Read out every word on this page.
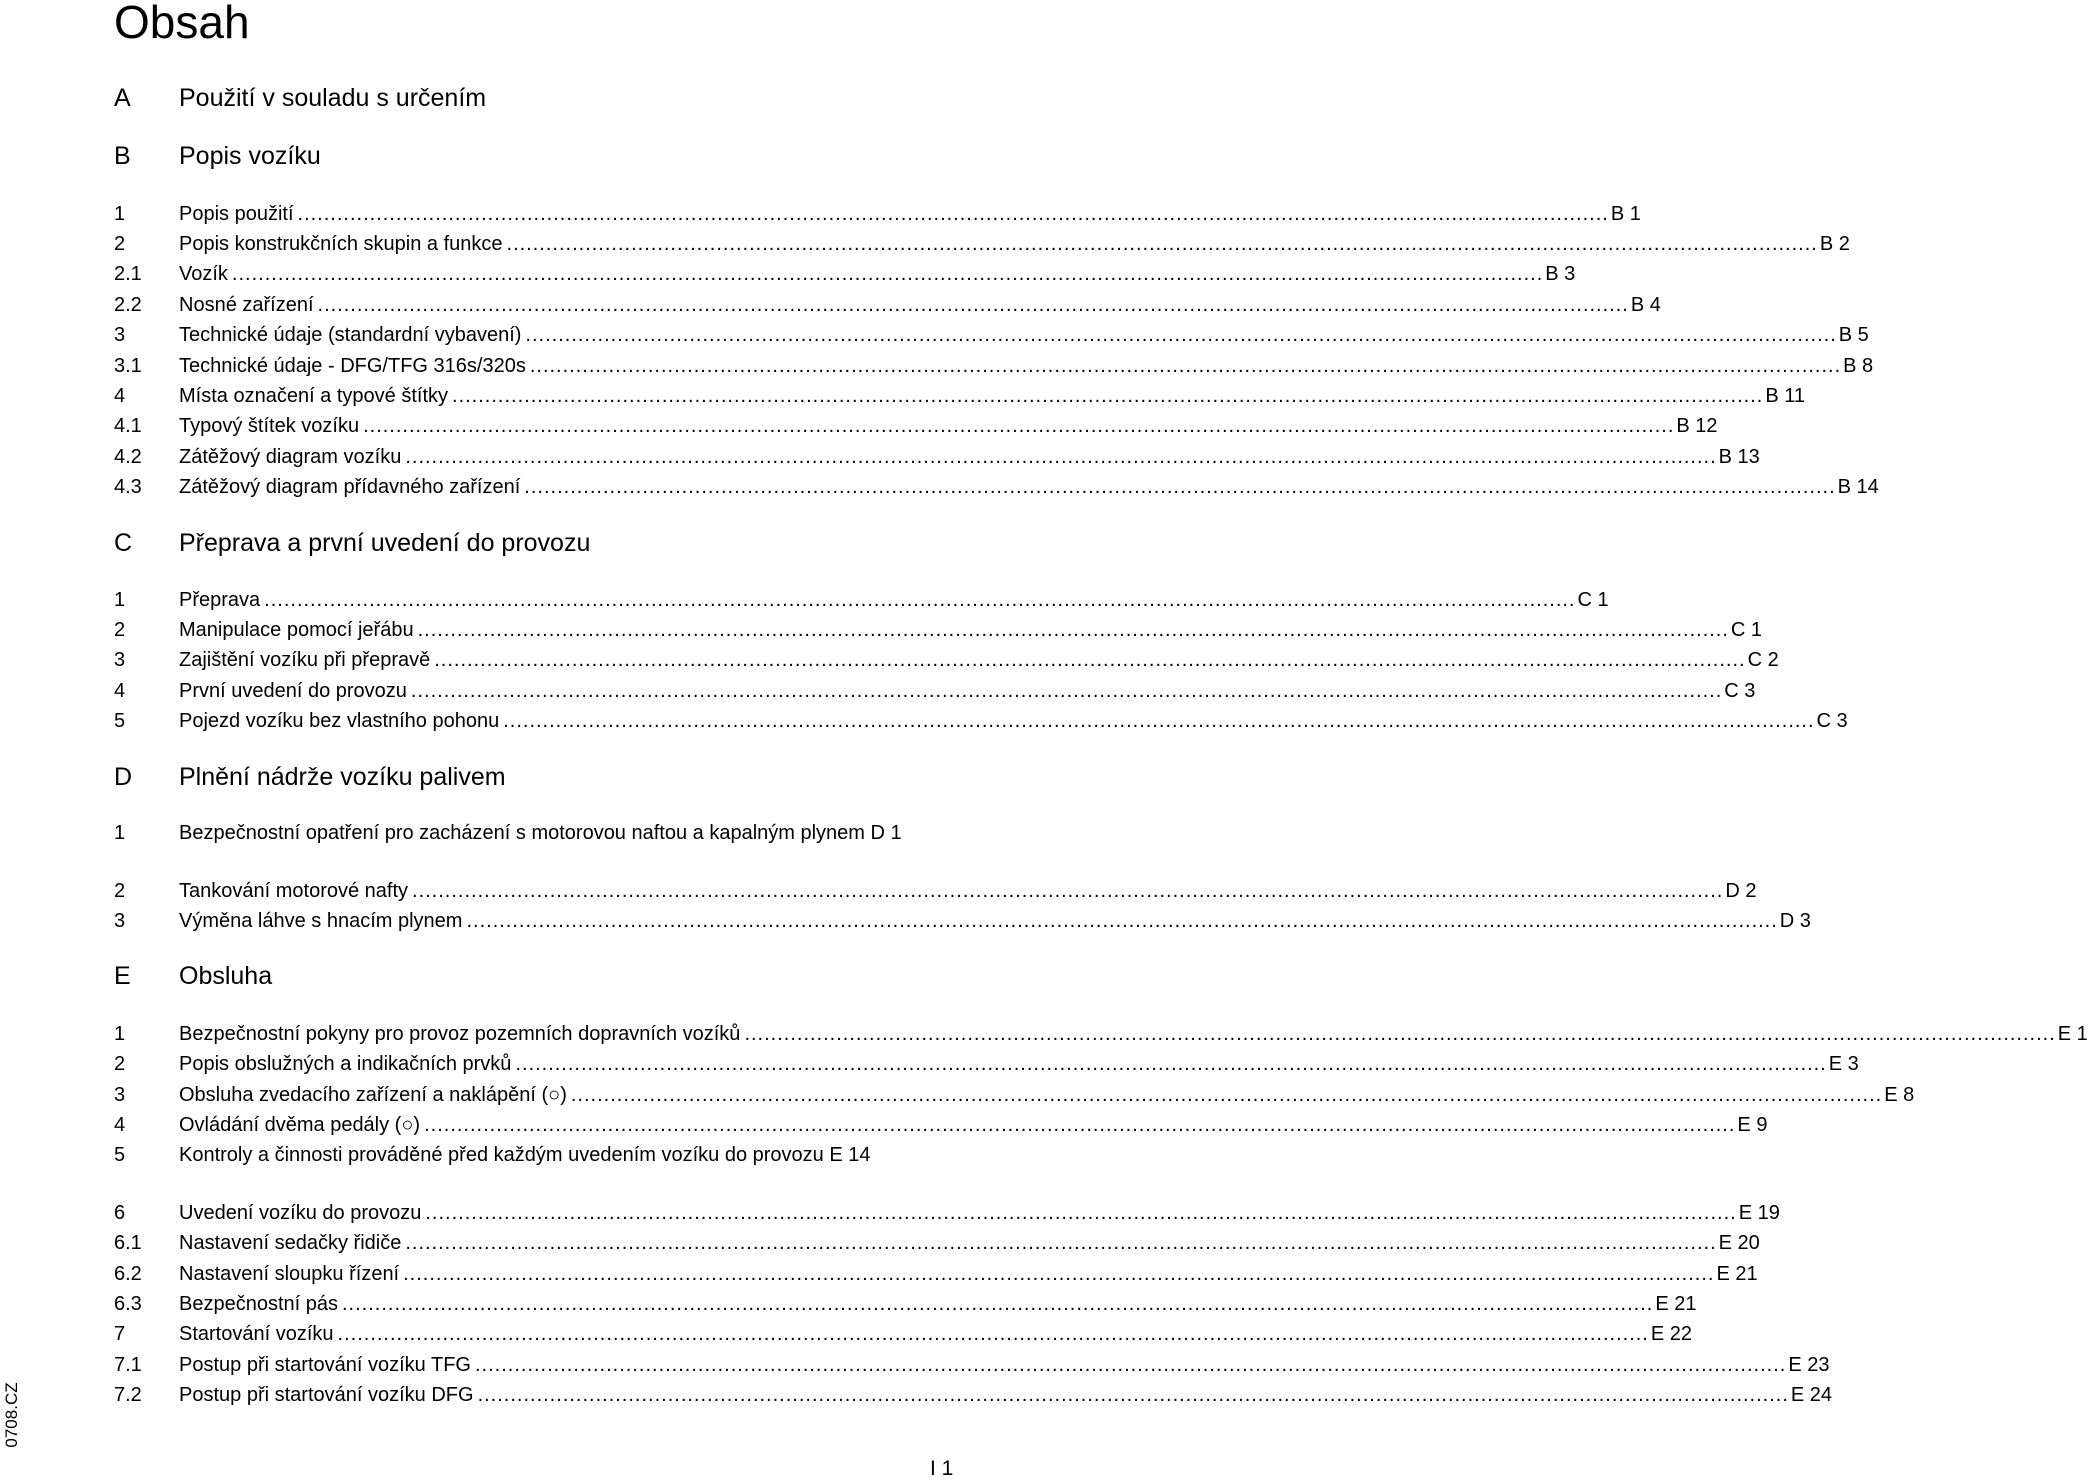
Obsah
A Použití v souladu s určením
B Popis vozíku
1	Popis použití ........................................................................................................................................................................................................ B 1
2	Popis konstrukčních skupin a funkce ........................................................................................................................................................................................................ B 2
2.1 Vozík ........................................................................................................................................................................................................ B 3
2.2 Nosné zařízení ........................................................................................................................................................................................................ B 4
3	Technické údaje (standardní vybavení) ........................................................................................................................................................................................................ B 5
3.1 Technické údaje - DFG/TFG 316s/320s ........................................................................................................................................................................................................ B 8
4	Místa označení a typové štítky ........................................................................................................................................................................................................ B 11
4.1 Typový štítek vozíku ........................................................................................................................................................................................................ B 12
4.2 Zátěžový diagram vozíku ........................................................................................................................................................................................................ B 13
4.3 Zátěžový diagram přídavného zařízení ........................................................................................................................................................................................................ B 14
C Přeprava a první uvedení do provozu
1	Přeprava ........................................................................................................................................................................................................ C 1
2	Manipulace pomocí jeřábu ........................................................................................................................................................................................................ C 1
3	Zajištění vozíku při přepravě ........................................................................................................................................................................................................ C 2
4	První uvedení do provozu ........................................................................................................................................................................................................ C 3
5	Pojezd vozíku bez vlastního pohonu ........................................................................................................................................................................................................ C 3
D Plnění nádrže vozíku palivem
1	Bezpečnostní opatření pro zacházení s motorovou naftou a kapalným plynem D 1
2	Tankování motorové nafty ........................................................................................................................................................................................................ D 2
3	Výměna láhve s hnacím plynem ........................................................................................................................................................................................................ D 3
E Obsluha
1	Bezpečnostní pokyny pro provoz pozemních dopravních vozíků ........................................................................................................................................................................................................ E 1
2	Popis obslužných a indikačních prvků ........................................................................................................................................................................................................ E 3
3	Obsluha zvedacího zařízení a naklápění (○) ........................................................................................................................................................................................................ E 8
4	Ovládání dvěma pedály (○) ........................................................................................................................................................................................................ E 9
5	Kontroly a činnosti prováděné před každým uvedením vozíku do provozu E 14
6	Uvedení vozíku do provozu ........................................................................................................................................................................................................ E 19
6.1 Nastavení sedačky řidiče ........................................................................................................................................................................................................ E 20
6.2 Nastavení sloupku řízení ........................................................................................................................................................................................................ E 21
6.3 Bezpečnostní pás ........................................................................................................................................................................................................ E 21
7	Startování vozíku ........................................................................................................................................................................................................ E 22
7.1 Postup při startování vozíku TFG ........................................................................................................................................................................................................ E 23
7.2 Postup při startování vozíku DFG ........................................................................................................................................................................................................ E 24
0708.CZ
I 1
